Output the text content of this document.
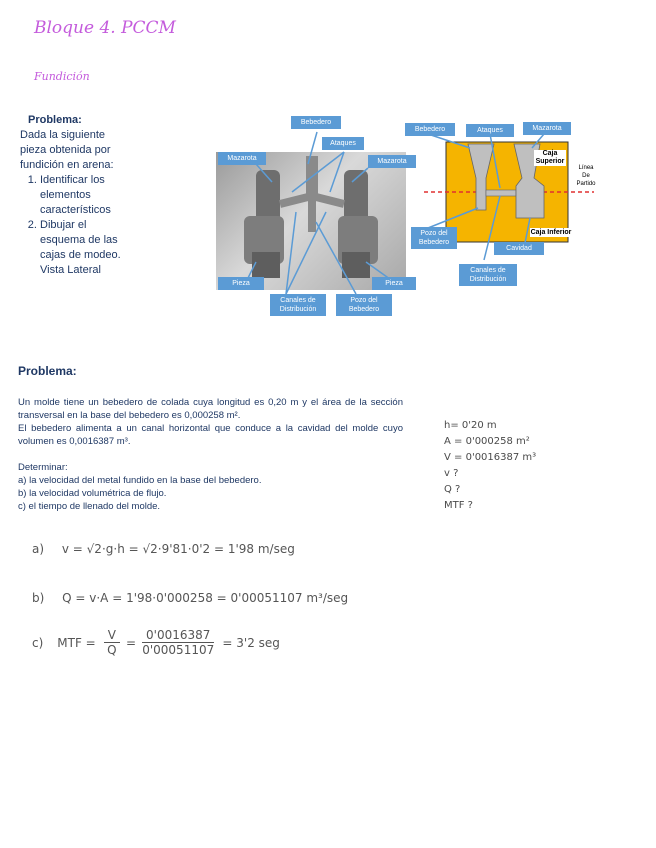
Bloque 4. PCCM
Fundición
Problema:
Dada la siguiente pieza obtenida por fundición en arena:
1. Identificar los elementos característicos
2. Dibujar el esquema de las cajas de modeo. Vista Lateral
Bebedero
Ataques
Mazarota	Mazarota
Pieza	Pieza
Canales de Distribución
Pozo del Bebedero
Bebedero	Ataques	Mazarota
Caja Superior
Caja Inferior
Línea De Partido
Pozo del Bebedero
Cavidad
Canales de Distribución
Problema:
Un molde tiene un bebedero de colada cuya longitud es 0,20 m y el área de la sección transversal en la base del bebedero es 0,000258 m².
El bebedero alimenta a un canal horizontal que conduce a la cavidad del molde cuyo volumen es 0,0016387 m³.
Determinar:
a) la velocidad del metal fundido en la base del bebedero.
b) la velocidad volumétrica de flujo.
c) el tiempo de llenado del molde.
h= 0'20 m
A = 0'000258 m²
V = 0'0016387 m³
v ?
Q ?
MTF ?
a) v = √2·g·h = √2·9'81·0'2 = 1'98 m/seg
b) Q = v·A = 1'98·0'000258 = 0'00051107 m³/seg
c) MTF = $\frac{V}{Q} = \frac{0'0016387}{0'00051107} = 3'2$ seg
